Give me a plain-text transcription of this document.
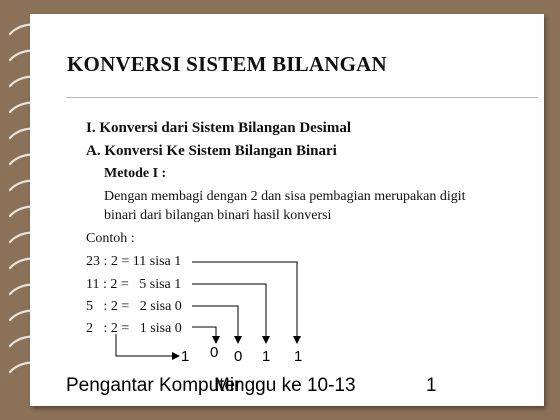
KONVERSI SISTEM BILANGAN
I. Konversi dari Sistem Bilangan Desimal
A. Konversi Ke Sistem Bilangan Binari
Metode I :
Dengan membagi dengan 2 dan sisa pembagian merupakan digit
binari dari bilangan binari hasil konversi
Contoh :
23 : 2 = 11 sisa 1
11 : 2 =   5 sisa 1
5   : 2 =   2 sisa 0
2   : 2 =   1 sisa 0
1 0 0 1 1
Pengantar Komputer
Minggu ke 10-13	1
